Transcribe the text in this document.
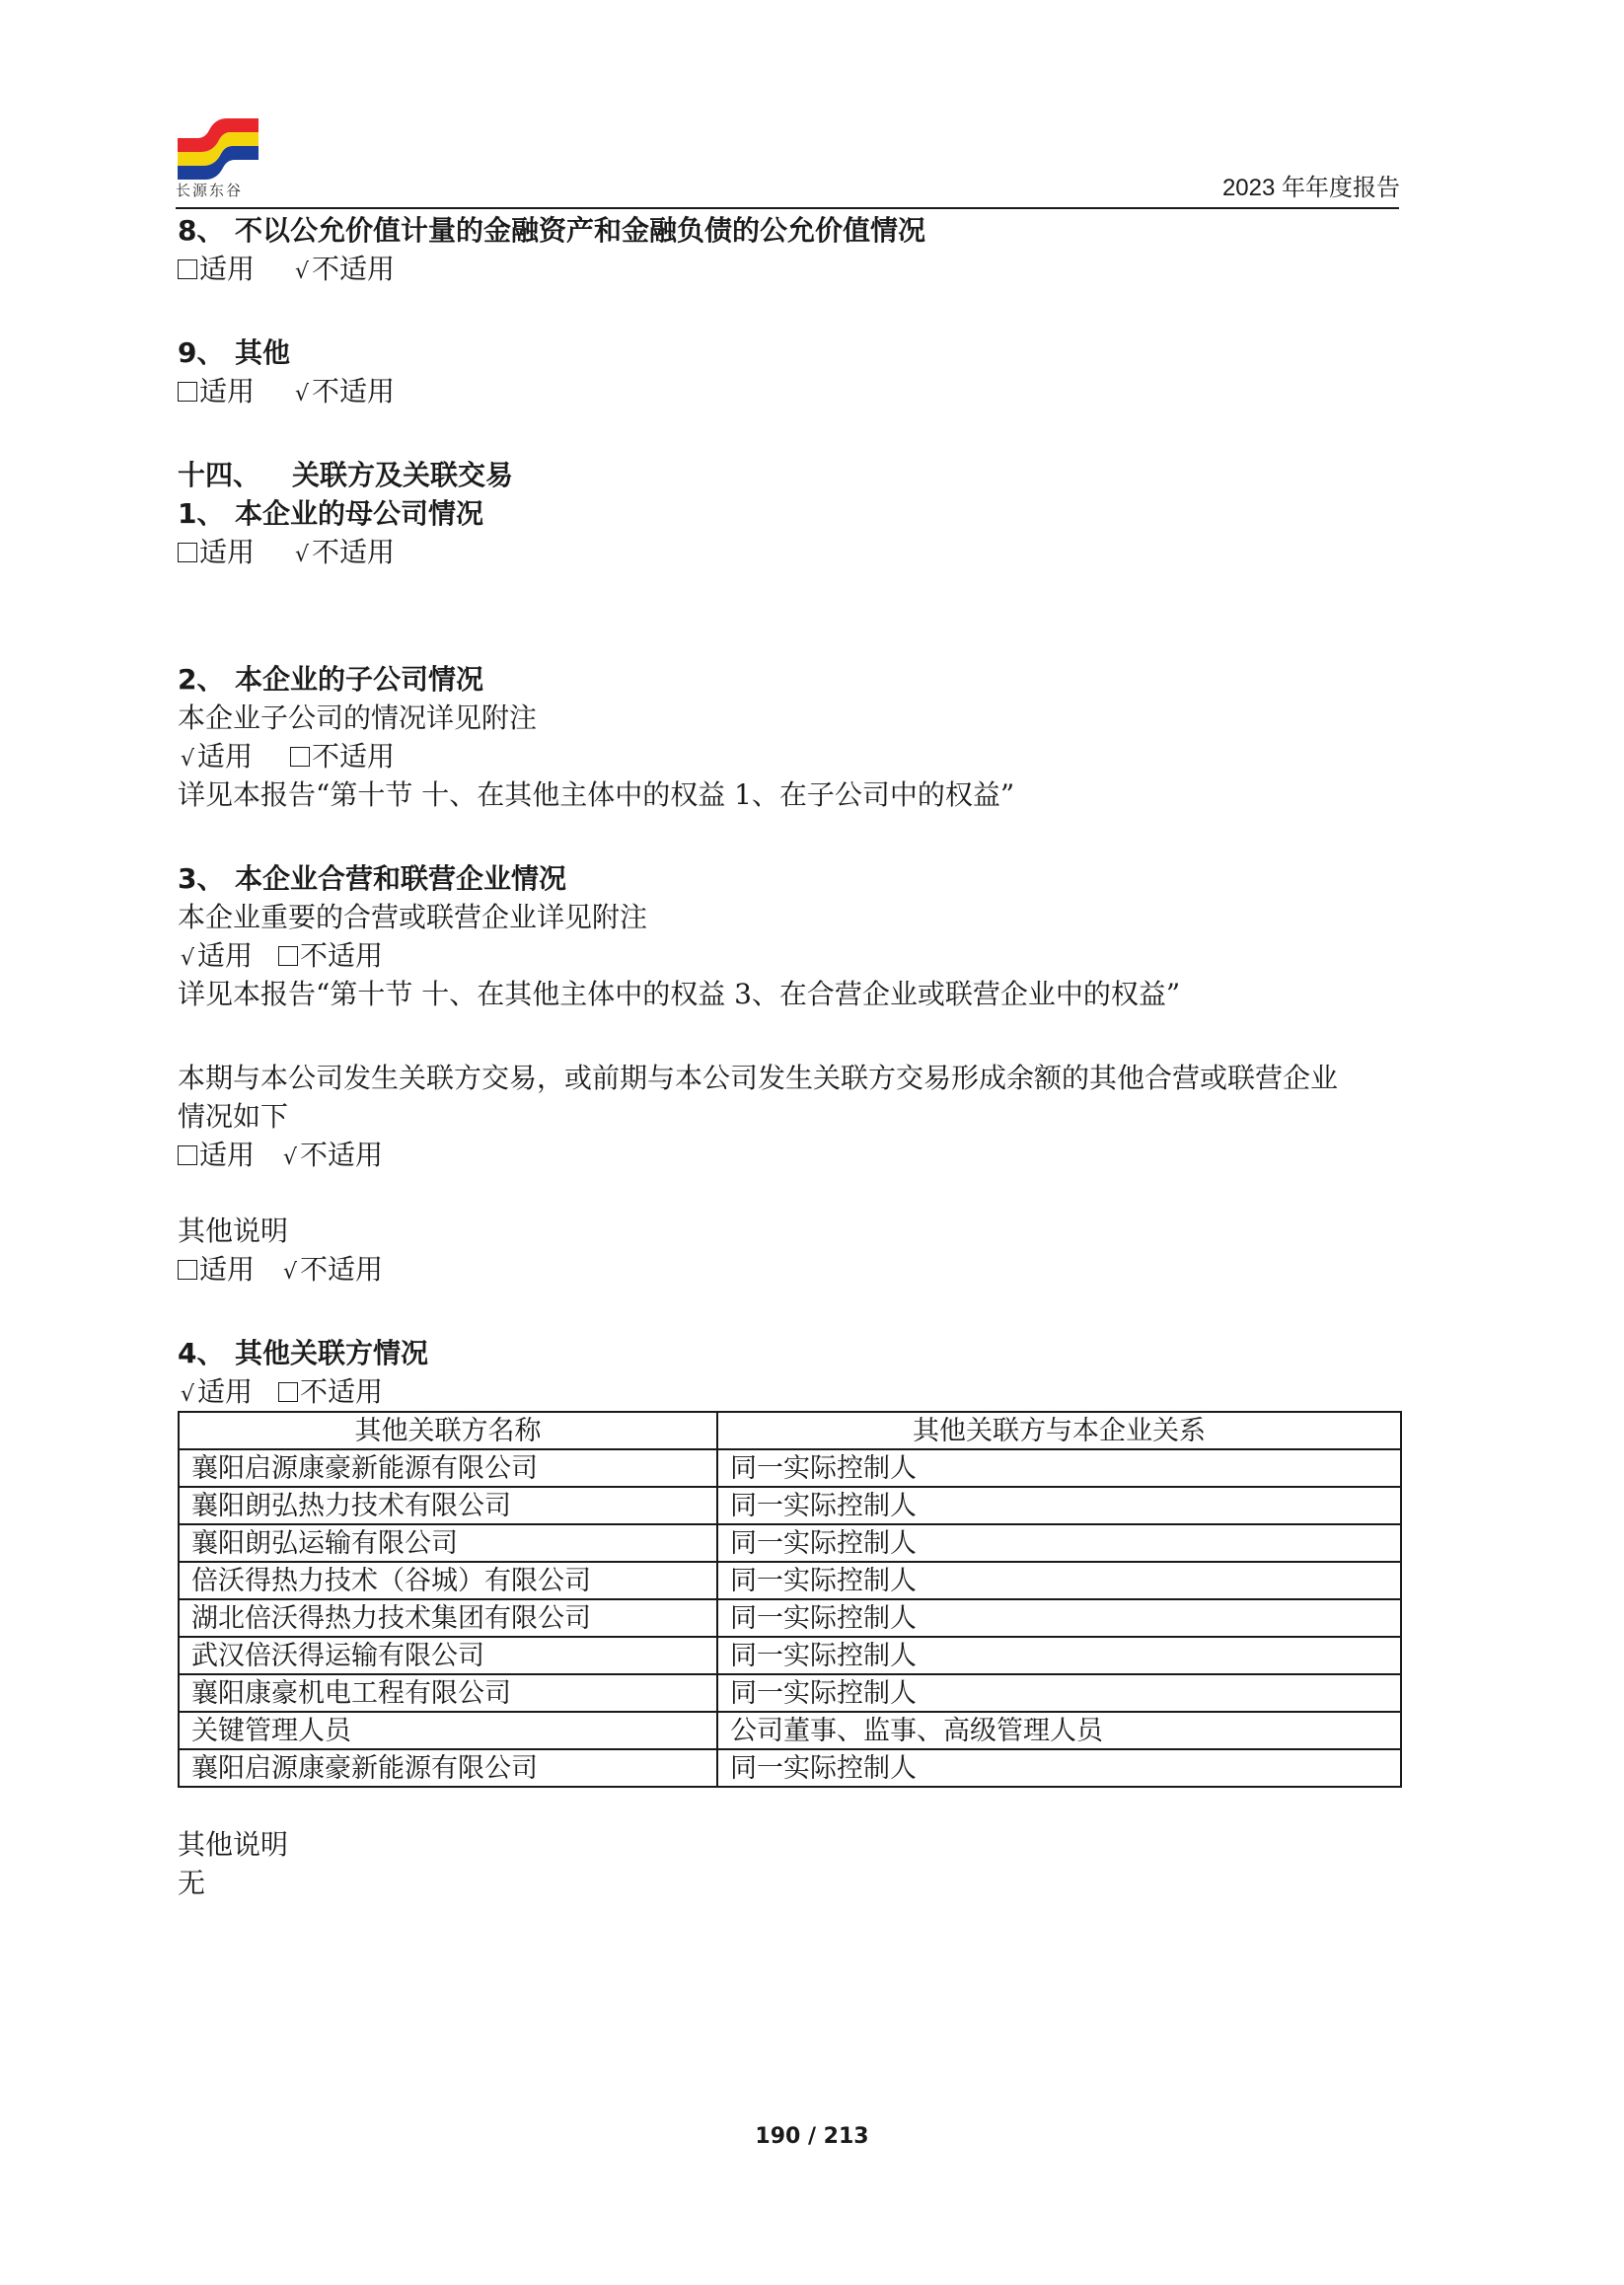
长源东谷	2023 年年度报告
8、 不以公允价值计量的金融资产和金融负债的公允价值情况
适用 √ 不适用
9、 其他
适用 √ 不适用
十四、 关联方及关联交易
1、 本企业的母公司情况
适用 √ 不适用
2、 本企业的子公司情况
本企业子公司的情况详见附注
√ 适用 不适用
详见本报告“第十节 十、在其他主体中的权益 1、在子公司中的权益”
3、 本企业合营和联营企业情况
本企业重要的合营或联营企业详见附注
√ 适用 不适用
详见本报告“第十节 十、在其他主体中的权益 3、在合营企业或联营企业中的权益”
本期与本公司发生关联方交易，或前期与本公司发生关联方交易形成余额的其他合营或联营企业
情况如下
适用 √ 不适用
其他说明
适用 √ 不适用
4、 其他关联方情况
√ 适用 不适用
其他关联方名称	其他关联方与本企业关系
襄阳启源康豪新能源有限公司	同一实际控制人
襄阳朗弘热力技术有限公司	同一实际控制人
襄阳朗弘运输有限公司	同一实际控制人
倍沃得热力技术（谷城）有限公司	同一实际控制人
湖北倍沃得热力技术集团有限公司	同一实际控制人
武汉倍沃得运输有限公司	同一实际控制人
襄阳康豪机电工程有限公司	同一实际控制人
关键管理人员	公司董事、监事、高级管理人员
襄阳启源康豪新能源有限公司	同一实际控制人
其他说明
无
190 / 213
